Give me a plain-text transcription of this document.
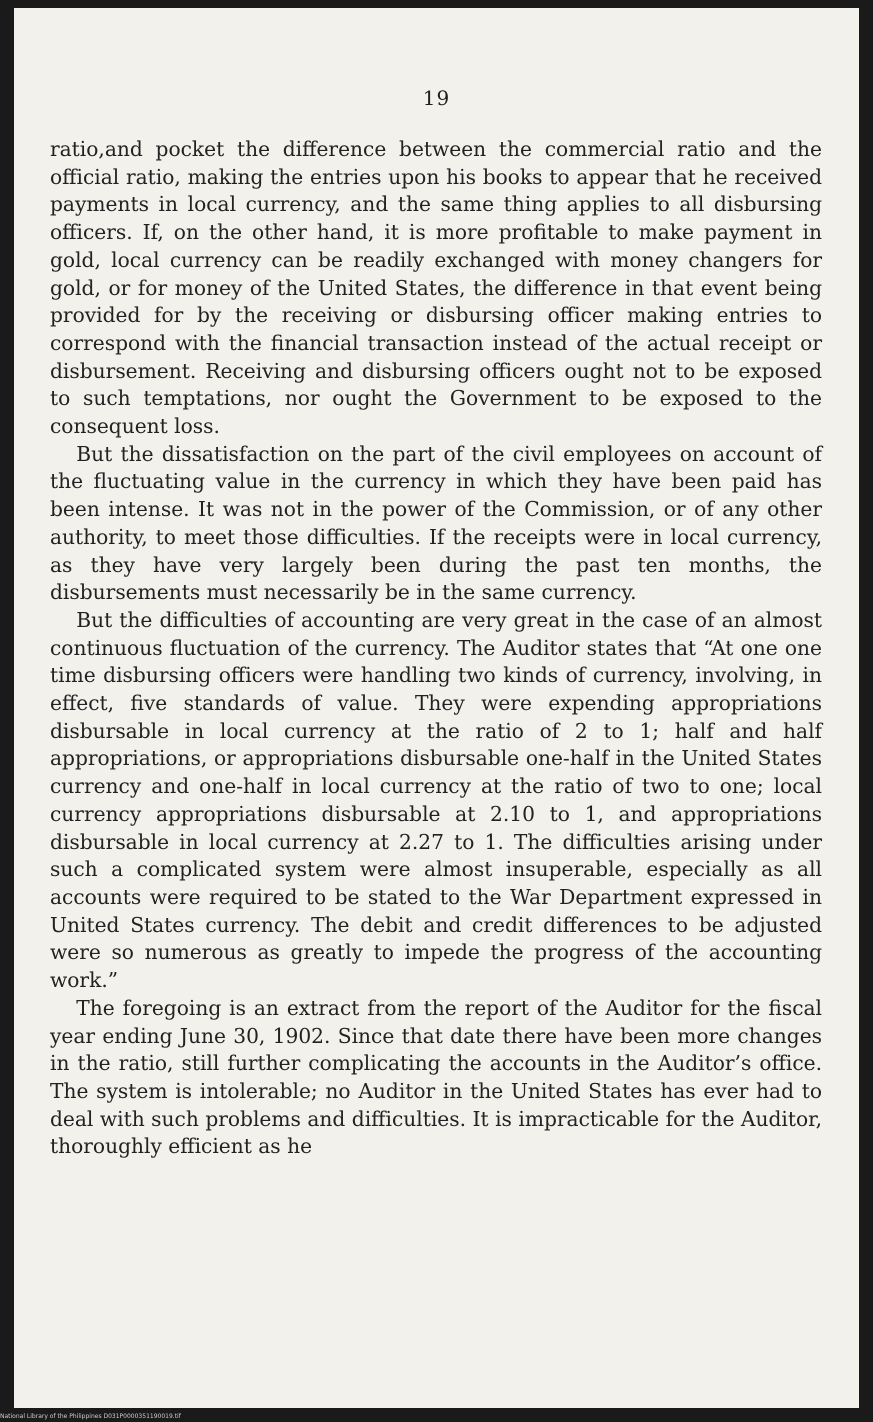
19

ratio,and pocket the difference between the commercial ratio and the official ratio, making the entries upon his books to appear that he received payments in local currency, and the same thing applies to all disbursing officers. If, on the other hand, it is more profitable to make payment in gold, local currency can be readily exchanged with money changers for gold, or for money of the United States, the difference in that event being provided for by the receiving or disbursing officer making entries to correspond with the financial transaction instead of the actual receipt or disbursement. Receiving and disbursing officers ought not to be exposed to such temptations, nor ought the Government to be exposed to the consequent loss.

But the dissatisfaction on the part of the civil employees on account of the fluctuating value in the currency in which they have been paid has been intense. It was not in the power of the Commission, or of any other authority, to meet those difficulties. If the receipts were in local currency, as they have very largely been during the past ten months, the disbursements must necessarily be in the same currency.

But the difficulties of accounting are very great in the case of an almost continuous fluctuation of the currency. The Auditor states that “At one one time disbursing officers were handling two kinds of currency, involving, in effect, five standards of value. They were expending appropriations disbursable in local currency at the ratio of 2 to 1; half and half appropriations, or appropriations disbursable one-half in the United States currency and one-half in local currency at the ratio of two to one; local currency appropriations disbursable at 2.10 to 1, and appropriations disbursable in local currency at 2.27 to 1. The difficulties arising under such a complicated system were almost insuperable, especially as all accounts were required to be stated to the War Department expressed in United States currency. The debit and credit differences to be adjusted were so numerous as greatly to impede the progress of the accounting work.”

The foregoing is an extract from the report of the Auditor for the fiscal year ending June 30, 1902. Since that date there have been more changes in the ratio, still further complicating the accounts in the Auditor’s office. The system is intolerable; no Auditor in the United States has ever had to deal with such problems and difficulties. It is impracticable for the Auditor, thoroughly efficient as he

National Library of the Philippines D031P0000351190019.tif
